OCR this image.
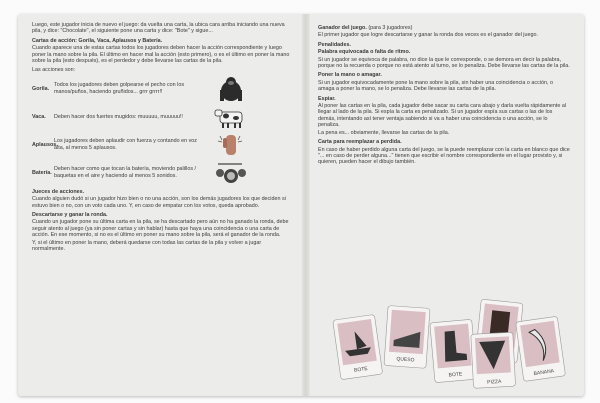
Luego, este jugador inicia de nuevo el juego: da vuelta una carta, la ubica cara arriba iniciando una nueva pila, y dice: "Chocolate", el siguiente pone una carta y dice: "Bote" y sigue...

Cartas de acción: Gorila, Vaca, Aplausos y Batería.

Cuando aparece una de estas cartas todos los jugadores deben hacer la acción correspondiente y luego poner la mano sobre la pila. El último en hacer mal la acción (esto primero), o es el último en poner la mano sobre la pila (esto después), es el perdedor y debe llevarse las cartas de la pila.

Las acciones son:

Gorila.
Todos los jugadores deben golpearse el pecho con los manos/puños, haciendo gruñidos... grrr grrrr!!
Vaca.	Deben hacer dos fuertes mugidos: muuuuu, muuuuu!!
Aplausos.
Los jugadores deben aplaudir con fuerza y contando en voz alta, al menos 5 aplausos.
Batería.
Deben hacer como que tocan la batería, moviendo palillos / baquetas en el aire y haciendo al menos 5 sonidos.

Jueces de acciones.

Cuando alguien dudó si un jugador hizo bien o no una acción, son los demás jugadores los que deciden si estuvo bien o no, con un voto cada uno. Y, en caso de empatar con los votos, queda aprobado.

Descartarse y ganar la ronda.

Cuando un jugador pone su última carta en la pila, se ha descartado pero aún no ha ganado la ronda, debe seguir atento al juego (ya sin poner cartas y sin hablar) hasta que haya una coincidencia o una carta de acción. En ese momento, si no es el último en poner su mano sobre la pila, será el ganador de la ronda.

Y, si el último en poner la mano, deberá quedarse con todas las cartas de la pila y volver a jugar normalmente.

Ganador del juego. (para 3 jugadores)

El primer jugador que logre descartarse y ganar la ronda dos veces es el ganador del juego.

Penalidades.

Palabra equivocada o falta de ritmo.

Si un jugador se equivoca de palabra, no dice la que le corresponde, o se demora en decir la palabra, porque no la recuerda o porque no está atento al turno, se lo penaliza. Debe llevarse las cartas de la pila.

Poner la mano o amagar.

Si un jugador equivocadamente pone la mano sobre la pila, sin haber una coincidencia o acción, o amaga a poner la mano, se lo penaliza. Debe llevarse las cartas de la pila.

Espiar.

Al poner las cartas en la pila, cada jugador debe sacar su carta cara abajo y darla vuelta rápidamente al llegar al lado de la pila. Si espía la carta es penalizado. Si un jugador espía sus cartas o las de los demás, intentando así tener ventaja sabiendo si va a haber una coincidencia o una acción, se lo penaliza.

La pena es... obviamente, llevarse las cartas de la pila.

Carta para reemplazar a perdida.

En caso de haber perdido alguna carta del juego, se la puede reemplazar con la carta en blanco que dice "... en caso de perder alguna..." tienen que escribir el nombre correspondiente en el lugar provisto y, si quieren, pueden hacer el dibujo también.

BOTE
QUESO
BOTE
PIZZA
BANANA
